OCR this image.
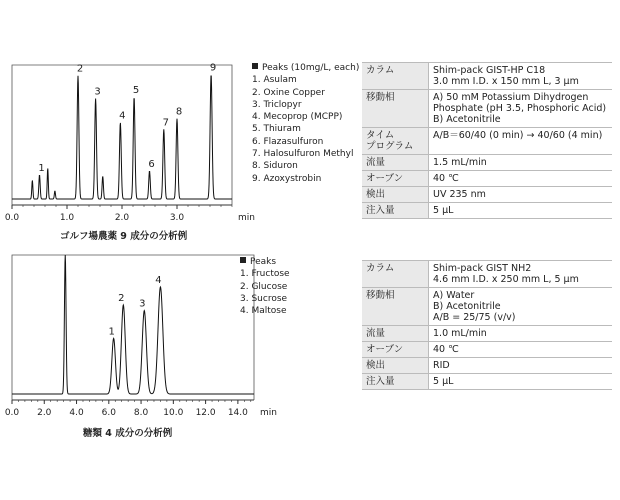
0.0	1.0	2.0	3.0	min
1
2
3
4
5
6
7
8
9
ゴルフ場農薬 9 成分の分析例
Peaks (10mg/L, each)
1. Asulam
2. Oxine Copper
3. Triclopyr
4. Mecoprop (MCPP)
5. Thiuram
6. Flazasulfuron
7. Halosulfuron Methyl
8. Siduron
9. Azoxystrobin
カラム	Shim-pack GIST-HP C18
3.0 mm I.D. x 150 mm L, 3 μm

移動相	A) 50 mM Potassium Dihydrogen
Phosphate (pH 3.5, Phosphoric Acid)
B) Acetonitrile

タイム
プログラム	A/B＝60/40 (0 min) → 40/60 (4 min)

流量	1.5 mL/min

オーブン	40 ℃

検出	UV 235 nm

注入量	5 μL
0.0 2.0 4.0 6.0 8.0 10.0 12.0 14.0 min
1
2
3
4
糖類 4 成分の分析例
Peaks
1. Fructose
2. Glucose
3. Sucrose
4. Maltose
カラム	Shim-pack GIST NH2
4.6 mm I.D. x 250 mm L, 5 μm

移動相	A) Water
B) Acetonitrile
A/B = 25/75 (v/v)

流量	1.0 mL/min

オーブン	40 ℃

検出	RID

注入量	5 μL
